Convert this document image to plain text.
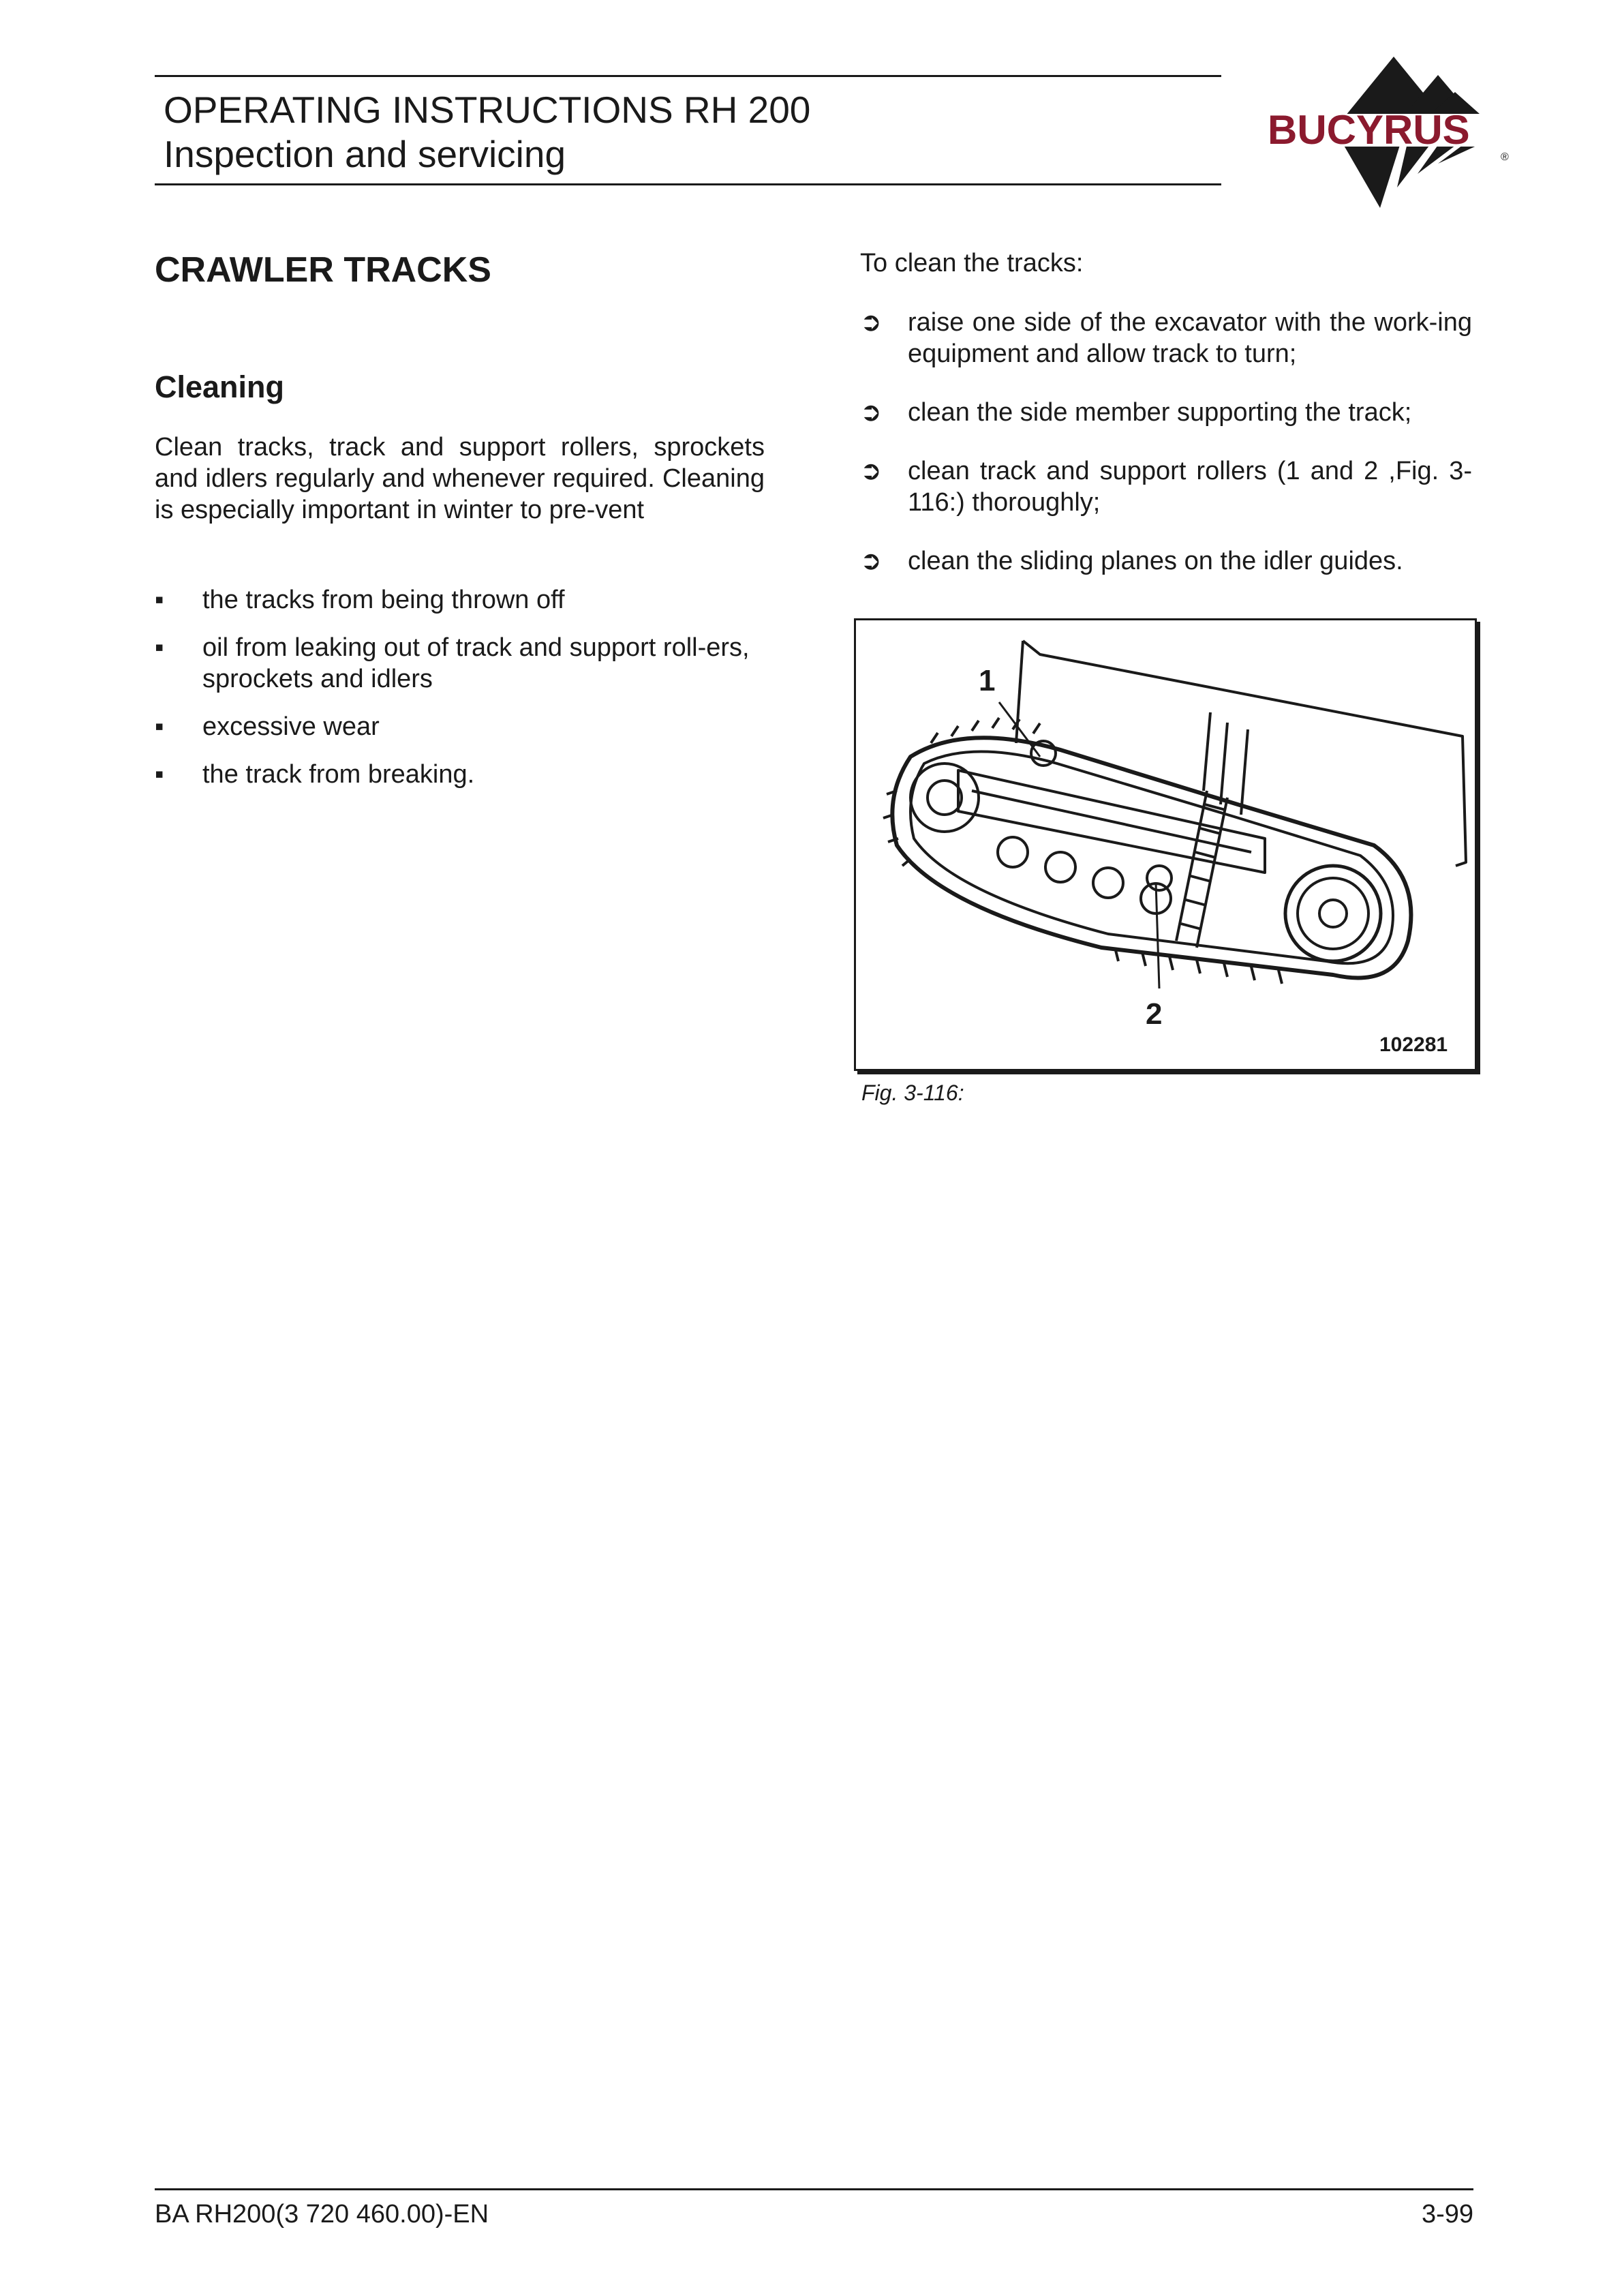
OPERATING INSTRUCTIONS RH 200
Inspection and servicing
BUCYRUS
®
CRAWLER TRACKS
Cleaning
Clean tracks, track and support rollers, sprockets and idlers regularly and whenever required. Cleaning is especially important in winter to pre-vent
▪ the tracks from being thrown off
▪ oil from leaking out of track and support roll-ers, sprockets and idlers
▪ excessive wear
▪ the track from breaking.
To clean the tracks:
➲ raise one side of the excavator with the work-ing equipment and allow track to turn;
➲ clean the side member supporting the track;
➲ clean track and support rollers (1 and 2 ,Fig. 3-116:) thoroughly;
➲ clean the sliding planes on the idler guides.
1
2
102281
Fig. 3-116:
BA RH200(3 720 460.00)-EN	3-99
